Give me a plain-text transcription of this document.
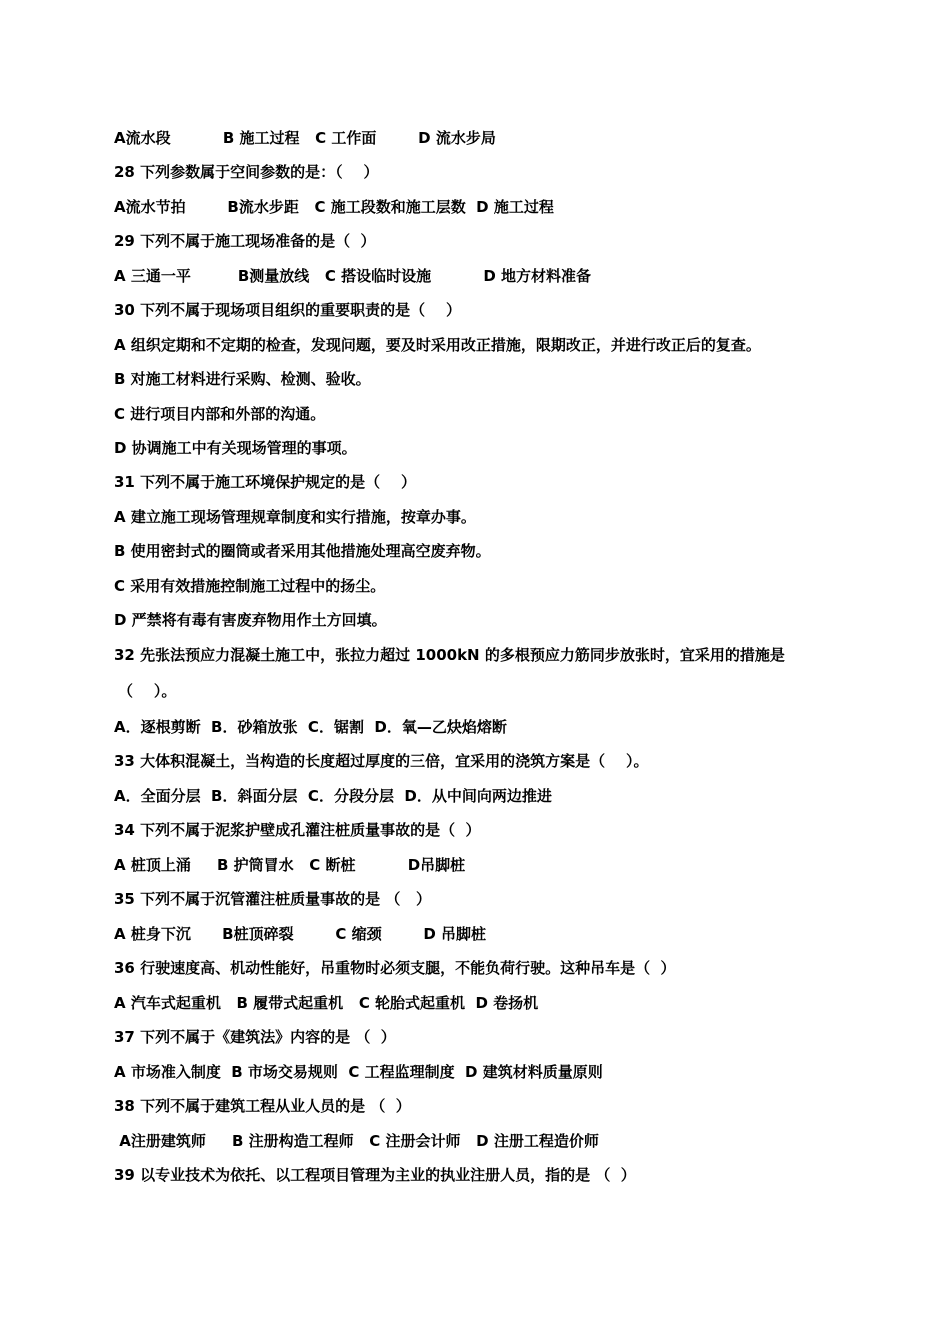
A流水段          B 施工过程   C 工作面        D 流水步局
28 下列参数属于空间参数的是：（    ）
A流水节拍        B流水步距   C 施工段数和施工层数  D 施工过程
29 下列不属于施工现场准备的是（  ）
A 三通一平         B测量放线   C 搭设临时设施          D 地方材料准备
30 下列不属于现场项目组织的重要职责的是（    ）
A 组织定期和不定期的检查，发现问题，要及时采用改正措施，限期改正，并进行改正后的复查。
B 对施工材料进行采购、检测、验收。
C 进行项目内部和外部的沟通。
D 协调施工中有关现场管理的事项。
31 下列不属于施工环境保护规定的是（    ）
A 建立施工现场管理规章制度和实行措施，按章办事。
B 使用密封式的圈筒或者采用其他措施处理高空废弃物。
C 采用有效措施控制施工过程中的扬尘。
D 严禁将有毒有害废弃物用作土方回填。
32 先张法预应力混凝土施工中，张拉力超过 1000kN 的多根预应力筋同步放张时，宜采用的措施是
（    ）。
A．逐根剪断  B．砂箱放张  C．锯割  D．氧—乙炔焰熔断
33 大体积混凝土，当构造的长度超过厚度的三倍，宜采用的浇筑方案是（    ）。
A．全面分层  B．斜面分层  C．分段分层  D．从中间向两边推进
34 下列不属于泥浆护壁成孔灌注桩质量事故的是（  ）
A 桩顶上涌     B 护筒冒水   C 断桩          D吊脚桩
35 下列不属于沉管灌注桩质量事故的是 （   ）
A 桩身下沉      B桩顶碎裂        C 缩颈        D 吊脚桩
36 行驶速度高、机动性能好，吊重物时必须支腿，不能负荷行驶。这种吊车是（  ）
A 汽车式起重机   B 履带式起重机   C 轮胎式起重机  D 卷扬机
37 下列不属于《建筑法》内容的是 （  ）
A 市场准入制度  B 市场交易规则  C 工程监理制度  D 建筑材料质量原则
38 下列不属于建筑工程从业人员的是 （  ）
A注册建筑师     B 注册构造工程师   C 注册会计师   D 注册工程造价师
39 以专业技术为依托、以工程项目管理为主业的执业注册人员，指的是 （  ）
